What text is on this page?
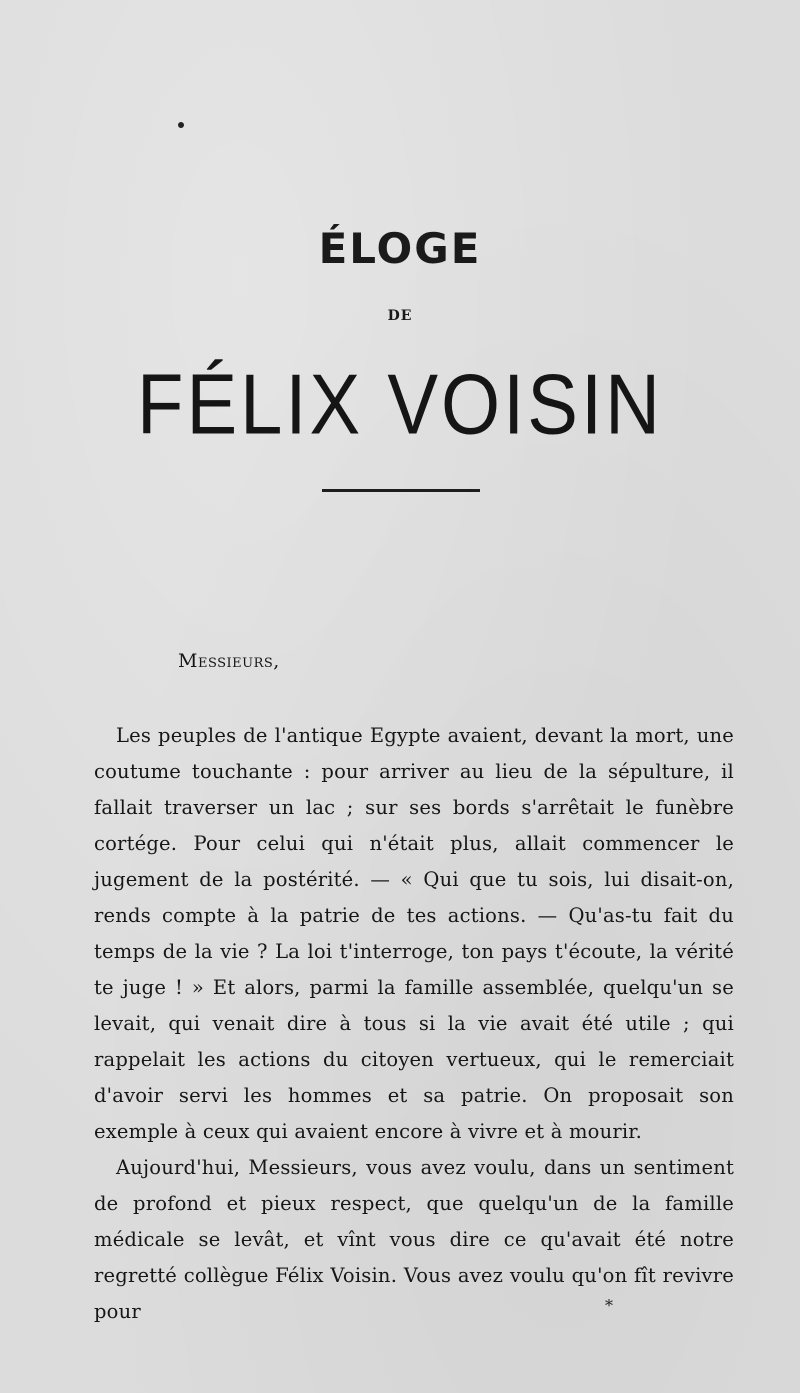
ÉLOGE
DE
FÉLIX VOISIN
Messieurs,

Les peuples de l'antique Egypte avaient, devant la mort, une coutume touchante : pour arriver au lieu de la sépulture, il fallait traverser un lac ; sur ses bords s'arrêtait le funèbre cortége. Pour celui qui n'était plus, allait commencer le jugement de la postérité. — « Qui que tu sois, lui disait-on, rends compte à la patrie de tes actions. — Qu'as-tu fait du temps de la vie ? La loi t'interroge, ton pays t'écoute, la vérité te juge ! » Et alors, parmi la famille assemblée, quelqu'un se levait, qui venait dire à tous si la vie avait été utile ; qui rappelait les actions du citoyen vertueux, qui le remerciait d'avoir servi les hommes et sa patrie. On proposait son exemple à ceux qui avaient encore à vivre et à mourir.

Aujourd'hui, Messieurs, vous avez voulu, dans un sentiment de profond et pieux respect, que quelqu'un de la famille médicale se levât, et vînt vous dire ce qu'avait été notre regretté collègue Félix Voisin. Vous avez voulu qu'on fît revivre pour	*
